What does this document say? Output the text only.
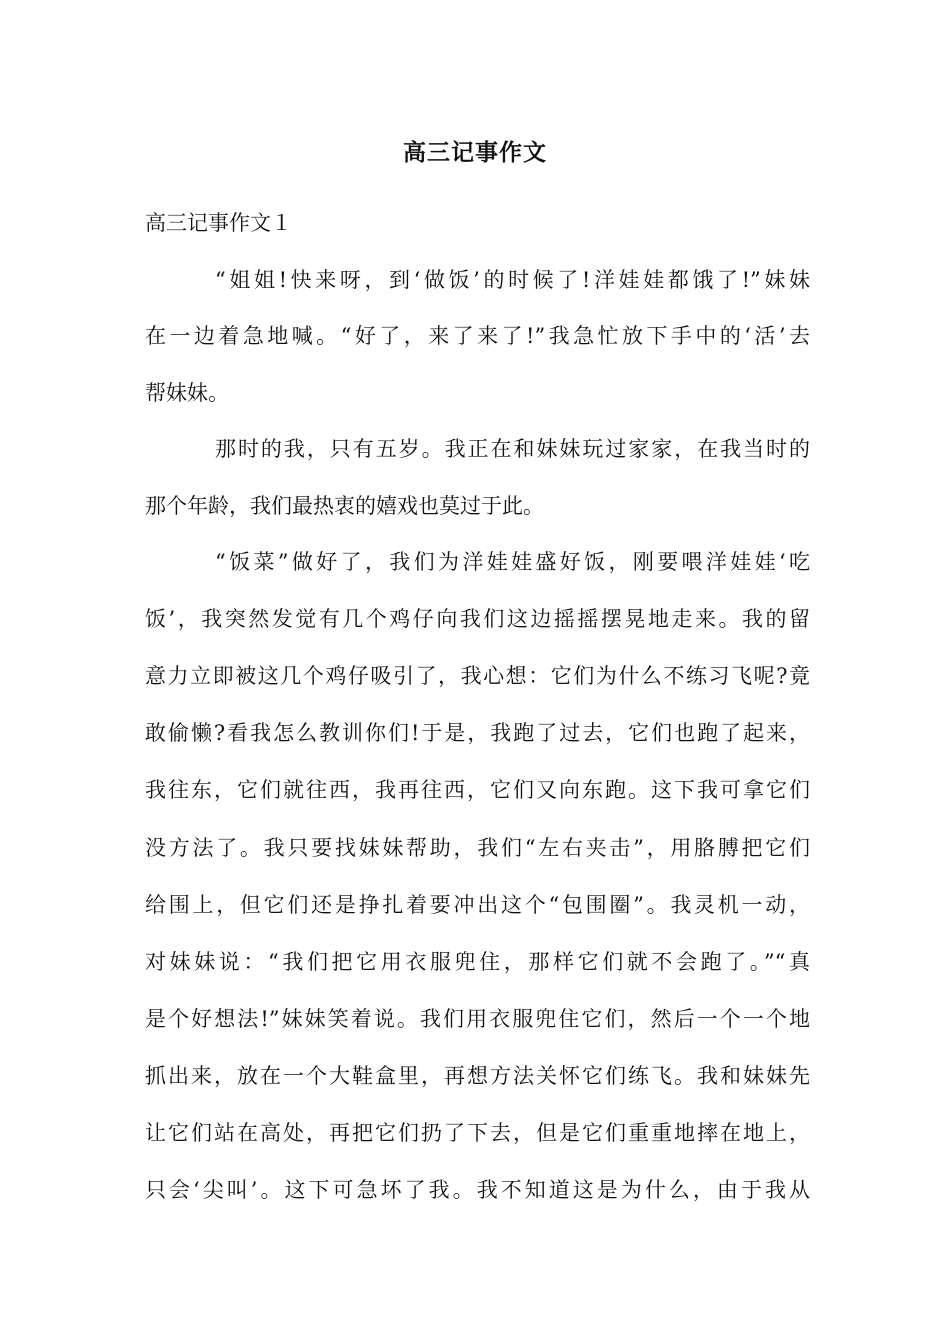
高三记事作文
高三记事作文１
“姐姐!快来呀，到‘做饭’的时候了!洋娃娃都饿了!”妹妹
在一边着急地喊。“好了，来了来了!”我急忙放下手中的‘活’去
帮妹妹。
那时的我，只有五岁。我正在和妹妹玩过家家，在我当时的
那个年龄，我们最热衷的嬉戏也莫过于此。
“饭菜”做好了，我们为洋娃娃盛好饭，刚要喂洋娃娃‘吃
饭’，我突然发觉有几个鸡仔向我们这边摇摇摆晃地走来。我的留
意力立即被这几个鸡仔吸引了，我心想：它们为什么不练习飞呢?竟
敢偷懒?看我怎么教训你们!于是，我跑了过去，它们也跑了起来，
我往东，它们就往西，我再往西，它们又向东跑。这下我可拿它们
没方法了。我只要找妹妹帮助，我们“左右夹击”，用胳膊把它们
给围上，但它们还是挣扎着要冲出这个“包围圈”。我灵机一动，
对妹妹说：“我们把它用衣服兜住，那样它们就不会跑了。”“真
是个好想法!”妹妹笑着说。我们用衣服兜住它们，然后一个一个地
抓出来，放在一个大鞋盒里，再想方法关怀它们练飞。我和妹妹先
让它们站在高处，再把它们扔了下去，但是它们重重地摔在地上，
只会‘尖叫’。这下可急坏了我。我不知道这是为什么，由于我从
